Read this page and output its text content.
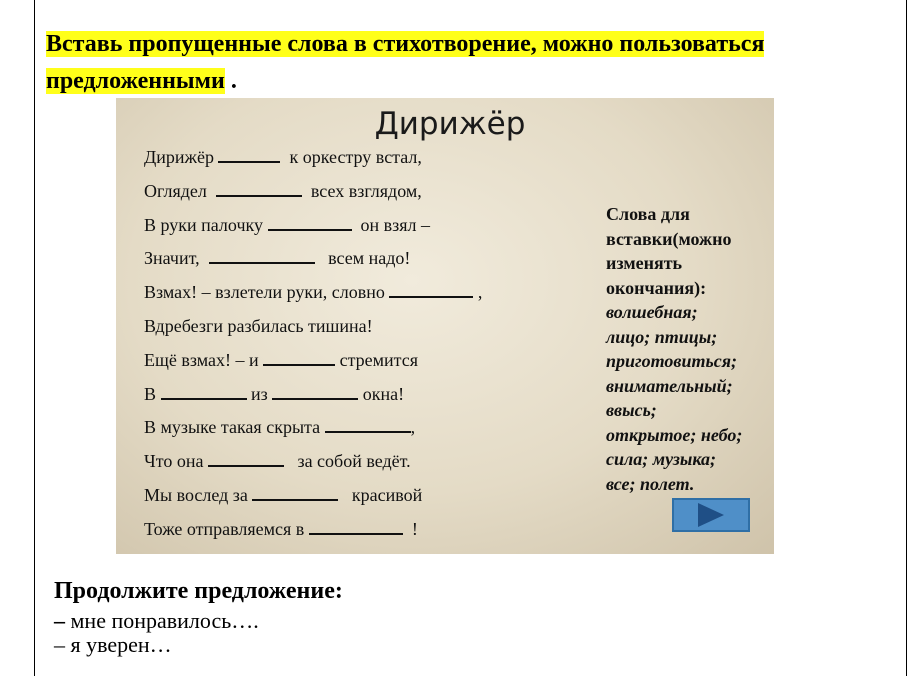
Вставь пропущенные слова в стихотворение, можно пользоваться
предложенными .
Дирижёр
Дирижёр	к оркестру встал,
Оглядел	всех взглядом,
В руки палочку	он взял –
Значит,	всем надо!
Взмах! – взлетели руки, словно	,
Вдребезги разбилась тишина!
Ещё взмах! – и	стремится
В	из	окна!
В музыке такая скрыта	,
Что она	за собой ведёт.
Мы вослед за	красивой
Тоже отправляемся в	!
Слова для
вставки(можно
изменять
окончания):
волшебная;
лицо; птицы;
приготовиться;
внимательный;
ввысь;
открытое; небо;
сила; музыка;
все; полет.
Продолжите предложение:
– мне понравилось….
– я уверен…
